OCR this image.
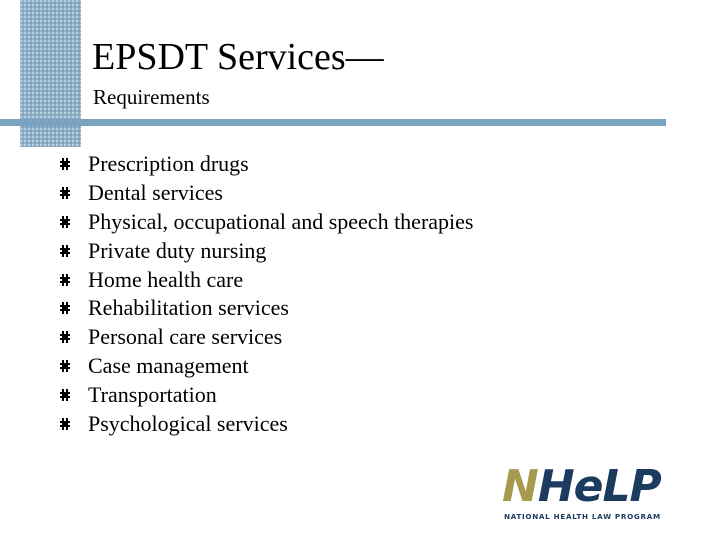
EPSDT Services—
Requirements
Prescription drugs
Dental services
Physical, occupational and speech therapies
Private duty nursing
Home health care
Rehabilitation services
Personal care services
Case management
Transportation
Psychological services
NHeLP
NATIONAL HEALTH LAW PROGRAM
